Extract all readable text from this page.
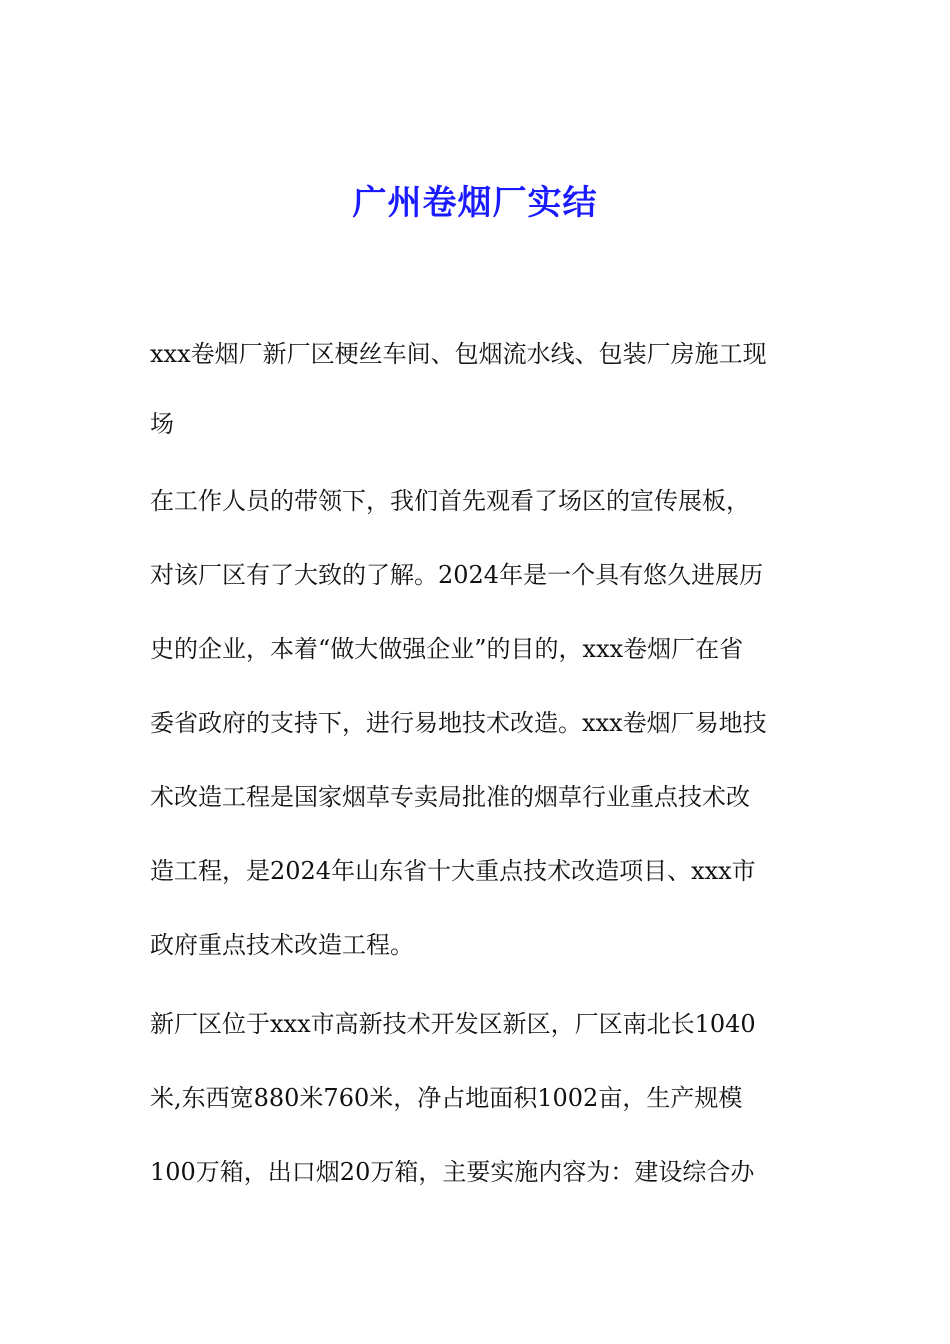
广州卷烟厂实结
xxx卷烟厂新厂区梗丝车间、包烟流水线、包装厂房施工现
场
在工作人员的带领下，我们首先观看了场区的宣传展板，
对该厂区有了大致的了解。2024年是一个具有悠久进展历
史的企业，本着“做大做强企业”的目的，xxx卷烟厂在省
委省政府的支持下，进行易地技术改造。xxx卷烟厂易地技
术改造工程是国家烟草专卖局批准的烟草行业重点技术改
造工程，是2024年山东省十大重点技术改造项目、xxx市
政府重点技术改造工程。
新厂区位于xxx市高新技术开发区新区，厂区南北长1040
米,东西宽880米760米，净占地面积1002亩，生产规模
100万箱，出口烟20万箱，主要实施内容为：建设综合办
